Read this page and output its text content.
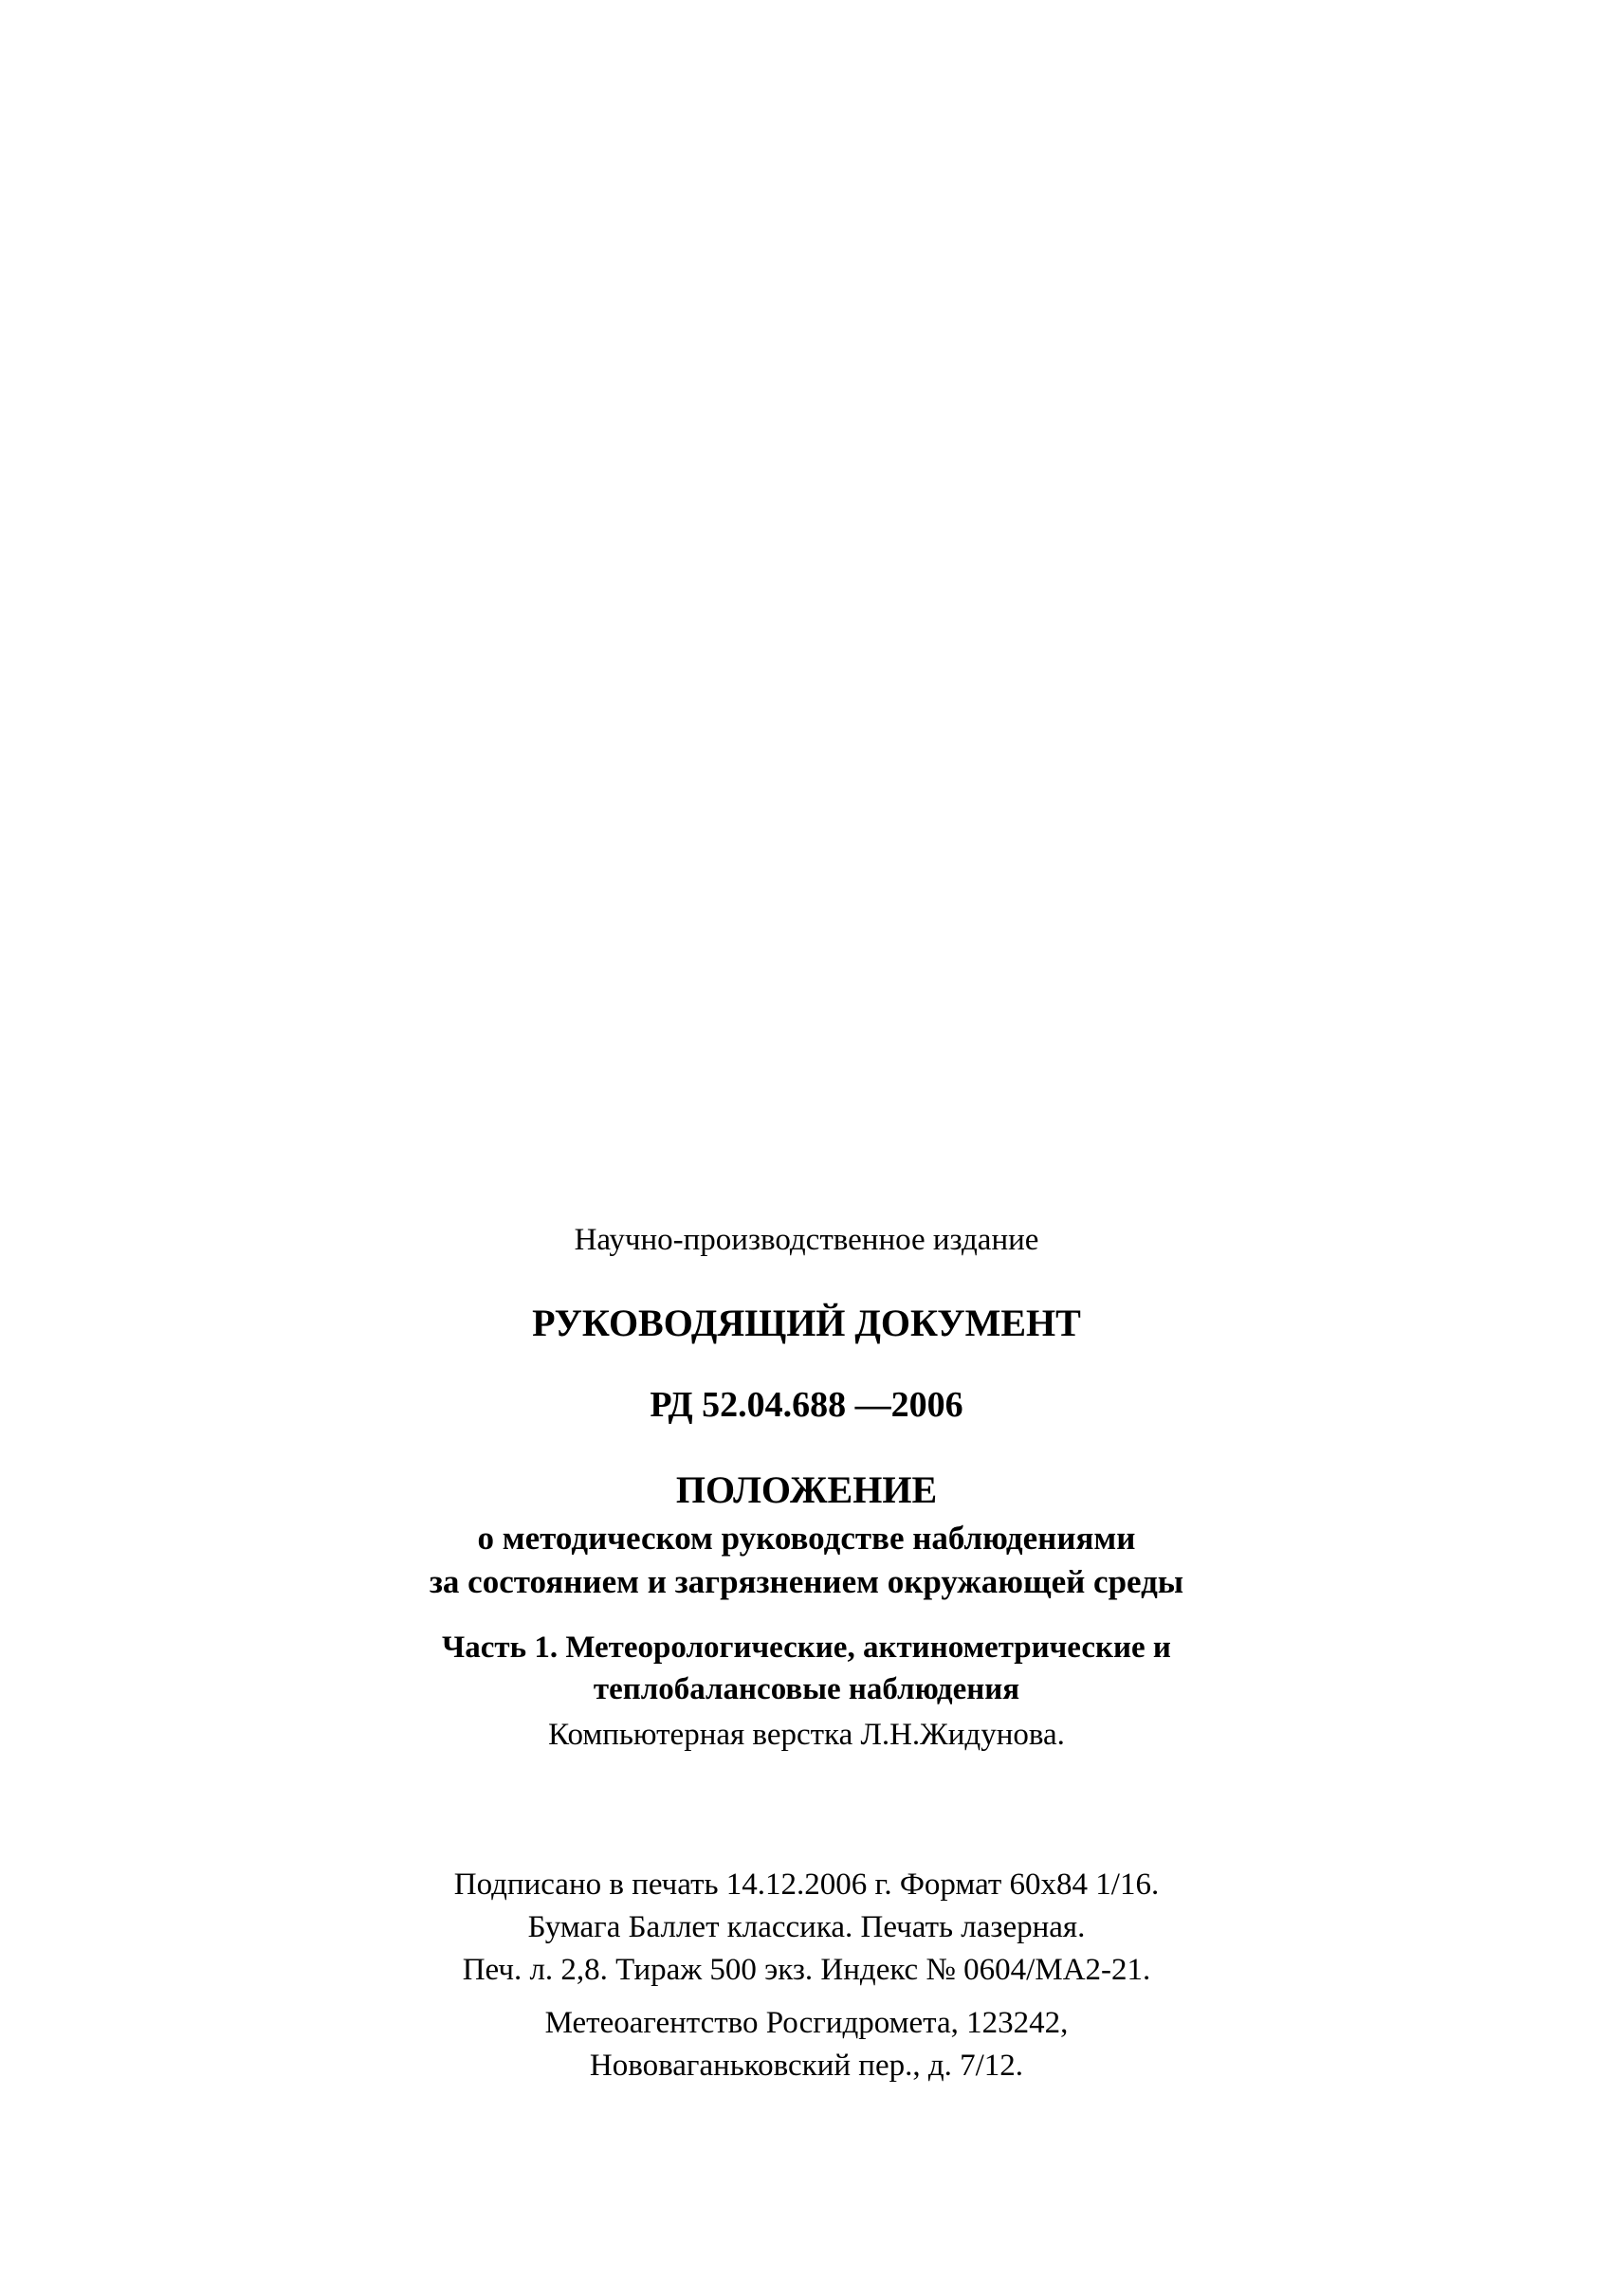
Научно-производственное издание
РУКОВОДЯЩИЙ ДОКУМЕНТ
РД 52.04.688 —2006
ПОЛОЖЕНИЕ
о методическом руководстве наблюдениями
за состоянием и загрязнением окружающей среды
Часть 1. Метеорологические, актинометрические и
теплобалансовые наблюдения
Компьютерная верстка Л.Н.Жидунова.
Подписано в печать 14.12.2006 г. Формат 60х84 1/16.
Бумага Баллет классика. Печать лазерная.
Печ. л. 2,8. Тираж 500 экз. Индекс № 0604/МА2-21.
Метеоагентство Росгидромета, 123242,
Нововаганьковский пер., д. 7/12.
